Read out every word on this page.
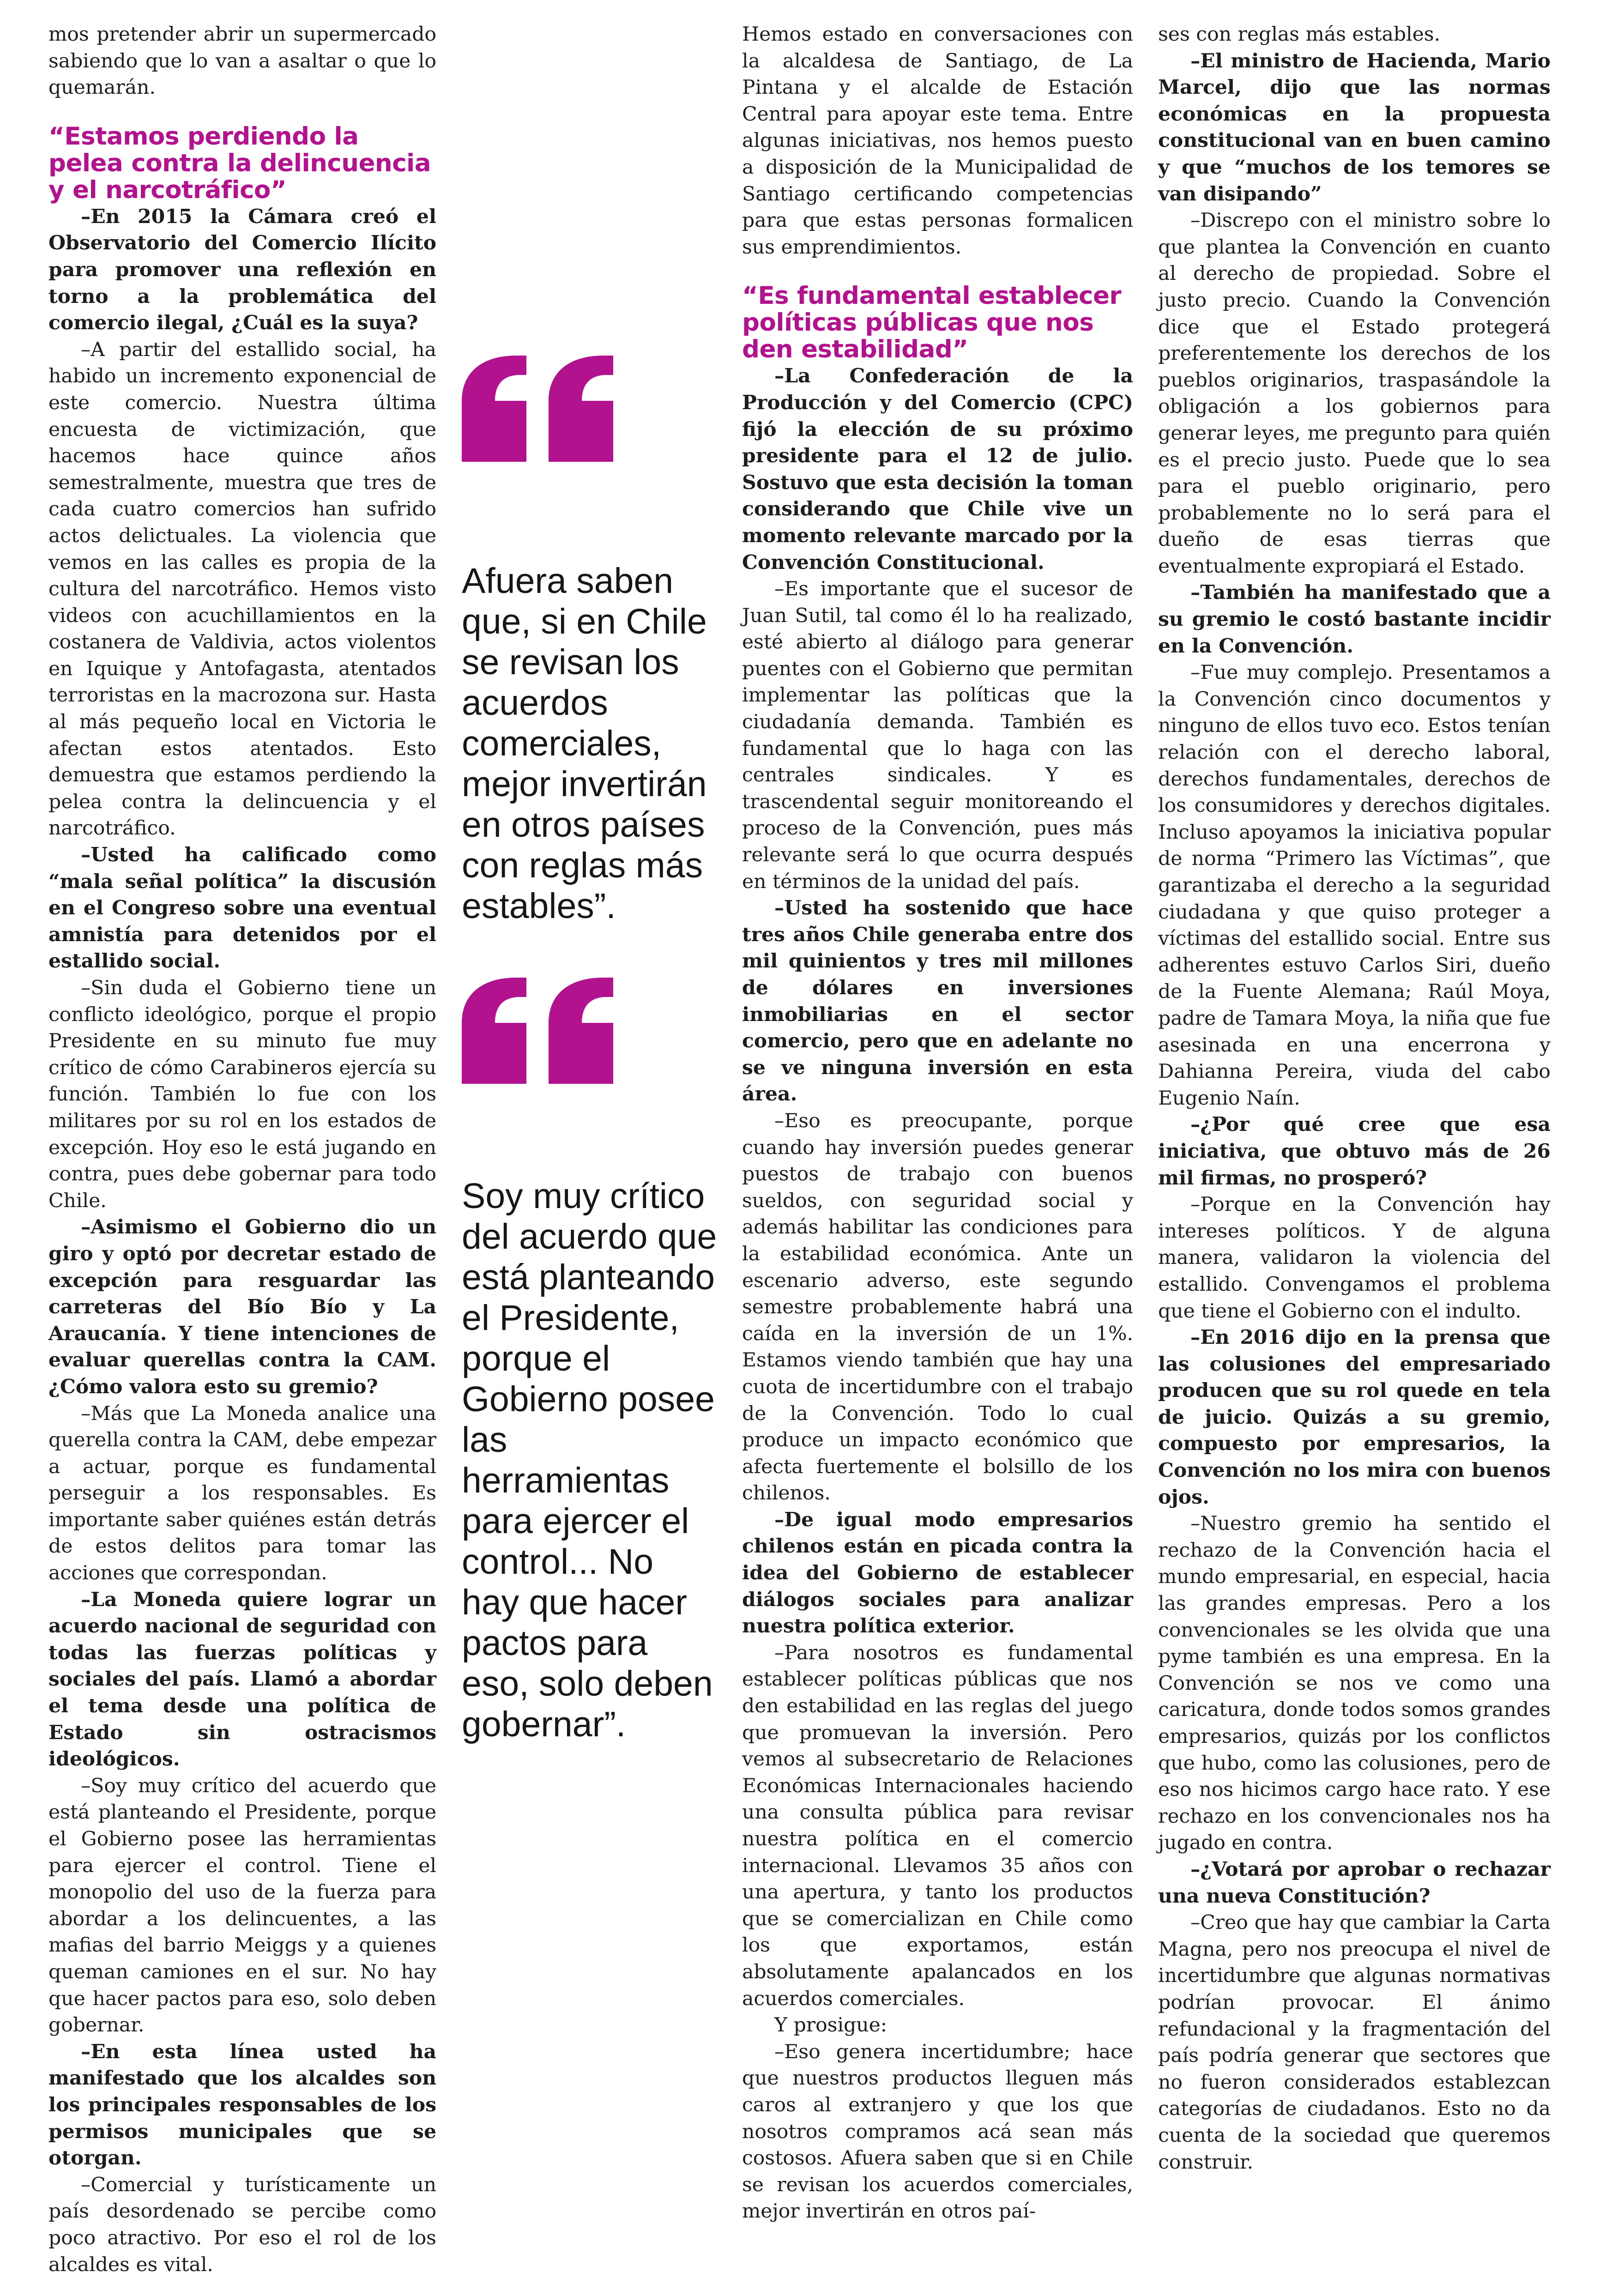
mos pretender abrir un supermercado sabiendo que lo van a asaltar o que lo quemarán.

“Estamos perdiendo la pelea contra la delincuencia y el narcotráfico”

–En 2015 la Cámara creó el Observatorio del Comercio Ilícito para promover una reflexión en torno a la problemática del comercio ilegal, ¿Cuál es la suya?

–A partir del estallido social, ha habido un incremento exponencial de este comercio. Nuestra última encuesta de victimización, que hacemos hace quince años semestralmente, muestra que tres de cada cuatro comercios han sufrido actos delictuales. La violencia que vemos en las calles es propia de la cultura del narcotráfico. Hemos visto videos con acuchillamientos en la costanera de Valdivia, actos violentos en Iquique y Antofagasta, atentados terroristas en la macrozona sur. Hasta al más pequeño local en Victoria le afectan estos atentados. Esto demuestra que estamos perdiendo la pelea contra la delincuencia y el narcotráfico.

–Usted ha calificado como “mala señal política” la discusión en el Congreso sobre una eventual amnistía para detenidos por el estallido social.

–Sin duda el Gobierno tiene un conflicto ideológico, porque el propio Presidente en su minuto fue muy crítico de cómo Carabineros ejercía su función. También lo fue con los militares por su rol en los estados de excepción. Hoy eso le está jugando en contra, pues debe gobernar para todo Chile.

–Asimismo el Gobierno dio un giro y optó por decretar estado de excepción para resguardar las carreteras del Bío Bío y La Araucanía. Y tiene intenciones de evaluar querellas contra la CAM. ¿Cómo valora esto su gremio?

–Más que La Moneda analice una querella contra la CAM, debe empezar a actuar, porque es fundamental perseguir a los responsables. Es importante saber quiénes están detrás de estos delitos para tomar las acciones que correspondan.

–La Moneda quiere lograr un acuerdo nacional de seguridad con todas las fuerzas políticas y sociales del país. Llamó a abordar el tema desde una política de Estado sin ostracismos ideológicos.

–Soy muy crítico del acuerdo que está planteando el Presidente, porque el Gobierno posee las herramientas para ejercer el control. Tiene el monopolio del uso de la fuerza para abordar a los delincuentes, a las mafias del barrio Meiggs y a quienes queman camiones en el sur. No hay que hacer pactos para eso, solo deben gobernar.

–En esta línea usted ha manifestado que los alcaldes son los principales responsables de los permisos municipales que se otorgan.

–Comercial y turísticamente un país desordenado se percibe como poco atractivo. Por eso el rol de los alcaldes es vital.

Afuera saben que, si en Chile se revisan los acuerdos comerciales, mejor invertirán en otros países con reglas más estables”.
Soy muy crítico del acuerdo que está planteando el Presidente, porque el Gobierno posee las herramientas para ejercer el control... No hay que hacer pactos para eso, solo deben gobernar”.

Hemos estado en conversaciones con la alcaldesa de Santiago, de La Pintana y el alcalde de Estación Central para apoyar este tema. Entre algunas iniciativas, nos hemos puesto a disposición de la Municipalidad de Santiago certificando competencias para que estas personas formalicen sus emprendimientos.

“Es fundamental establecer políticas públicas que nos den estabilidad”

–La Confederación de la Producción y del Comercio (CPC) fijó la elección de su próximo presidente para el 12 de julio. Sostuvo que esta decisión la toman considerando que Chile vive un momento relevante marcado por la Convención Constitucional.

–Es importante que el sucesor de Juan Sutil, tal como él lo ha realizado, esté abierto al diálogo para generar puentes con el Gobierno que permitan implementar las políticas que la ciudadanía demanda. También es fundamental que lo haga con las centrales sindicales. Y es trascendental seguir monitoreando el proceso de la Convención, pues más relevante será lo que ocurra después en términos de la unidad del país.

–Usted ha sostenido que hace tres años Chile generaba entre dos mil quinientos y tres mil millones de dólares en inversiones inmobiliarias en el sector comercio, pero que en adelante no se ve ninguna inversión en esta área.

–Eso es preocupante, porque cuando hay inversión puedes generar puestos de trabajo con buenos sueldos, con seguridad social y además habilitar las condiciones para la estabilidad económica. Ante un escenario adverso, este segundo semestre probablemente habrá una caída en la inversión de un 1%. Estamos viendo también que hay una cuota de incertidumbre con el trabajo de la Convención. Todo lo cual produce un impacto económico que afecta fuertemente el bolsillo de los chilenos.

–De igual modo empresarios chilenos están en picada contra la idea del Gobierno de establecer diálogos sociales para analizar nuestra política exterior.

–Para nosotros es fundamental establecer políticas públicas que nos den estabilidad en las reglas del juego que promuevan la inversión. Pero vemos al subsecretario de Relaciones Económicas Internacionales haciendo una consulta pública para revisar nuestra política en el comercio internacional. Llevamos 35 años con una apertura, y tanto los productos que se comercializan en Chile como los que exportamos, están absolutamente apalancados en los acuerdos comerciales.

Y prosigue:

–Eso genera incertidumbre; hace que nuestros productos lleguen más caros al extranjero y que los que nosotros compramos acá sean más costosos. Afuera saben que si en Chile se revisan los acuerdos comerciales, mejor invertirán en otros paí-

ses con reglas más estables.

–El ministro de Hacienda, Mario Marcel, dijo que las normas económicas en la propuesta constitucional van en buen camino y que “muchos de los temores se van disipando”

–Discrepo con el ministro sobre lo que plantea la Convención en cuanto al derecho de propiedad. Sobre el justo precio. Cuando la Convención dice que el Estado protegerá preferentemente los derechos de los pueblos originarios, traspasándole la obligación a los gobiernos para generar leyes, me pregunto para quién es el precio justo. Puede que lo sea para el pueblo originario, pero probablemente no lo será para el dueño de esas tierras que eventualmente expropiará el Estado.

–También ha manifestado que a su gremio le costó bastante incidir en la Convención.

–Fue muy complejo. Presentamos a la Convención cinco documentos y ninguno de ellos tuvo eco. Estos tenían relación con el derecho laboral, derechos fundamentales, derechos de los consumidores y derechos digitales. Incluso apoyamos la iniciativa popular de norma “Primero las Víctimas”, que garantizaba el derecho a la seguridad ciudadana y que quiso proteger a víctimas del estallido social. Entre sus adherentes estuvo Carlos Siri, dueño de la Fuente Alemana; Raúl Moya, padre de Tamara Moya, la niña que fue asesinada en una encerrona y Dahianna Pereira, viuda del cabo Eugenio Naín.

–¿Por qué cree que esa iniciativa, que obtuvo más de 26 mil firmas, no prosperó?

–Porque en la Convención hay intereses políticos. Y de alguna manera, validaron la violencia del estallido. Convengamos el problema que tiene el Gobierno con el indulto.

–En 2016 dijo en la prensa que las colusiones del empresariado producen que su rol quede en tela de juicio. Quizás a su gremio, compuesto por empresarios, la Convención no los mira con buenos ojos.

–Nuestro gremio ha sentido el rechazo de la Convención hacia el mundo empresarial, en especial, hacia las grandes empresas. Pero a los convencionales se les olvida que una pyme también es una empresa. En la Convención se nos ve como una caricatura, donde todos somos grandes empresarios, quizás por los conflictos que hubo, como las colusiones, pero de eso nos hicimos cargo hace rato. Y ese rechazo en los convencionales nos ha jugado en contra.

–¿Votará por aprobar o rechazar una nueva Constitución?

–Creo que hay que cambiar la Carta Magna, pero nos preocupa el nivel de incertidumbre que algunas normativas podrían provocar. El ánimo refundacional y la fragmentación del país podría generar que sectores que no fueron considerados establezcan categorías de ciudadanos. Esto no da cuenta de la sociedad que queremos construir.
